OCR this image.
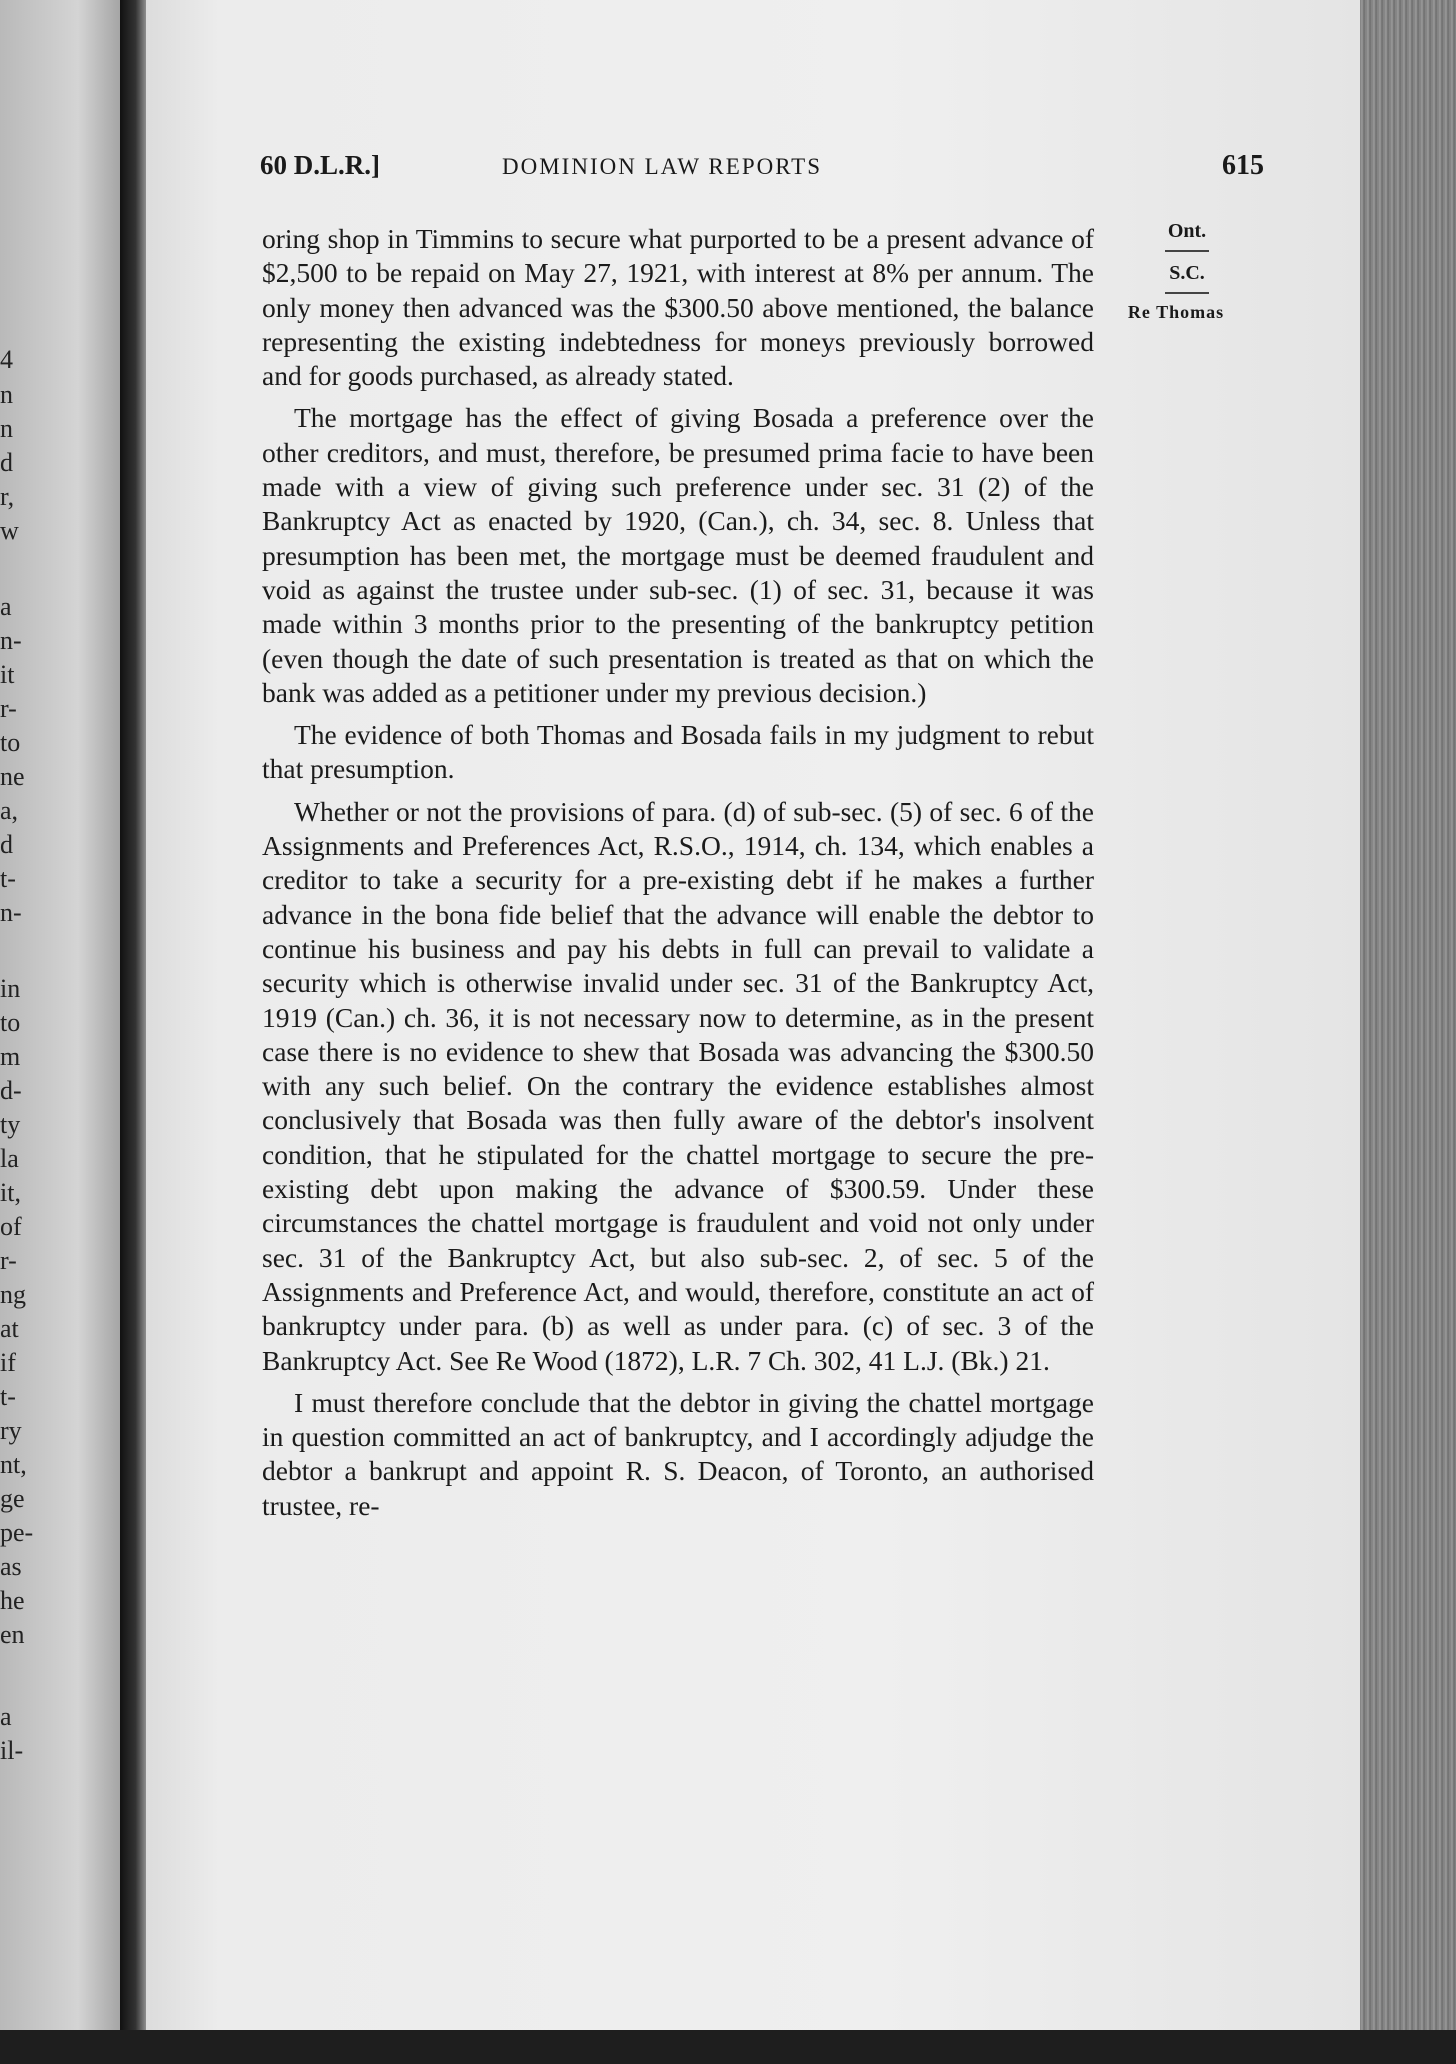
4
n
n
d
r,
w
a
n-
it
r-
to
ne
a,
d
t-
n-
in
to
m
d-
ty
la
it,
of
r-
ng
at
if
t-
ry
nt,
ge
pe-
as
he
en
a
il-
60 D.L.R.]	DOMINION LAW REPORTS	615
Ont.
S.C.
Re Thomas

oring shop in Timmins to secure what purported to be a present advance of $2,500 to be repaid on May 27, 1921, with interest at 8% per annum. The only money then advanced was the $300.50 above mentioned, the balance representing the existing indebtedness for moneys previously borrowed and for goods purchased, as already stated.

The mortgage has the effect of giving Bosada a preference over the other creditors, and must, therefore, be presumed prima facie to have been made with a view of giving such preference under sec. 31 (2) of the Bankruptcy Act as enacted by 1920, (Can.), ch. 34, sec. 8. Unless that presumption has been met, the mortgage must be deemed fraudulent and void as against the trustee under sub-sec. (1) of sec. 31, because it was made within 3 months prior to the presenting of the bankruptcy petition (even though the date of such presentation is treated as that on which the bank was added as a petitioner under my previous decision.)

The evidence of both Thomas and Bosada fails in my judgment to rebut that presumption.

Whether or not the provisions of para. (d) of sub-sec. (5) of sec. 6 of the Assignments and Preferences Act, R.S.O., 1914, ch. 134, which enables a creditor to take a security for a pre-existing debt if he makes a further advance in the bona fide belief that the advance will enable the debtor to continue his business and pay his debts in full can prevail to validate a security which is otherwise invalid under sec. 31 of the Bankruptcy Act, 1919 (Can.) ch. 36, it is not necessary now to determine, as in the present case there is no evidence to shew that Bosada was advancing the $300.50 with any such belief. On the contrary the evidence establishes almost conclusively that Bosada was then fully aware of the debtor's insolvent condition, that he stipulated for the chattel mortgage to secure the pre-existing debt upon making the advance of $300.59. Under these circumstances the chattel mortgage is fraudulent and void not only under sec. 31 of the Bankruptcy Act, but also sub-sec. 2, of sec. 5 of the Assignments and Preference Act, and would, therefore, constitute an act of bankruptcy under para. (b) as well as under para. (c) of sec. 3 of the Bankruptcy Act. See Re Wood (1872), L.R. 7 Ch. 302, 41 L.J. (Bk.) 21.

I must therefore conclude that the debtor in giving the chattel mortgage in question committed an act of bankruptcy, and I accordingly adjudge the debtor a bankrupt and appoint R. S. Deacon, of Toronto, an authorised trustee, re-
